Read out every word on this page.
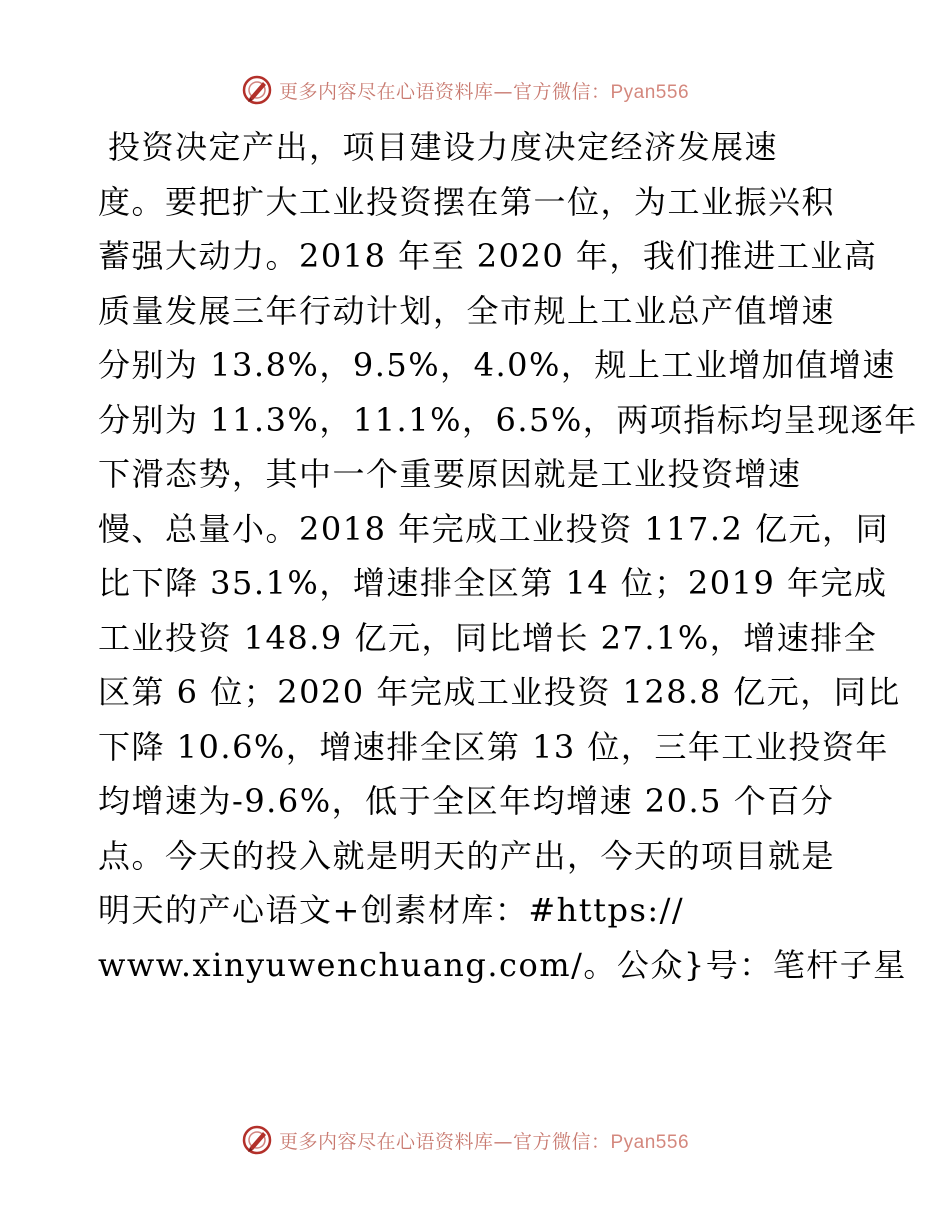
更多内容尽在心语资料库—官方微信：Pyan556
投资决定产出，项目建设力度决定经济发展速
度。要把扩大工业投资摆在第一位，为工业振兴积
蓄强大动力。2018 年至 2020 年，我们推进工业高
质量发展三年行动计划，全市规上工业总产值增速
分别为 13.8%，9.5%，4.0%，规上工业增加值增速
分别为 11.3%，11.1%，6.5%，两项指标均呈现逐年
下滑态势，其中一个重要原因就是工业投资增速
慢、总量小。2018 年完成工业投资 117.2 亿元，同
比下降 35.1%，增速排全区第 14 位；2019 年完成
工业投资 148.9 亿元，同比增长 27.1%，增速排全
区第 6 位；2020 年完成工业投资 128.8 亿元，同比
下降 10.6%，增速排全区第 13 位，三年工业投资年
均增速为-9.6%，低于全区年均增速 20.5 个百分
点。今天的投入就是明天的产出，今天的项目就是
明天的产心语文+创素材库：#https://
www.xinyuwenchuang.com/。公众}号：笔杆子星
更多内容尽在心语资料库—官方微信：Pyan556
